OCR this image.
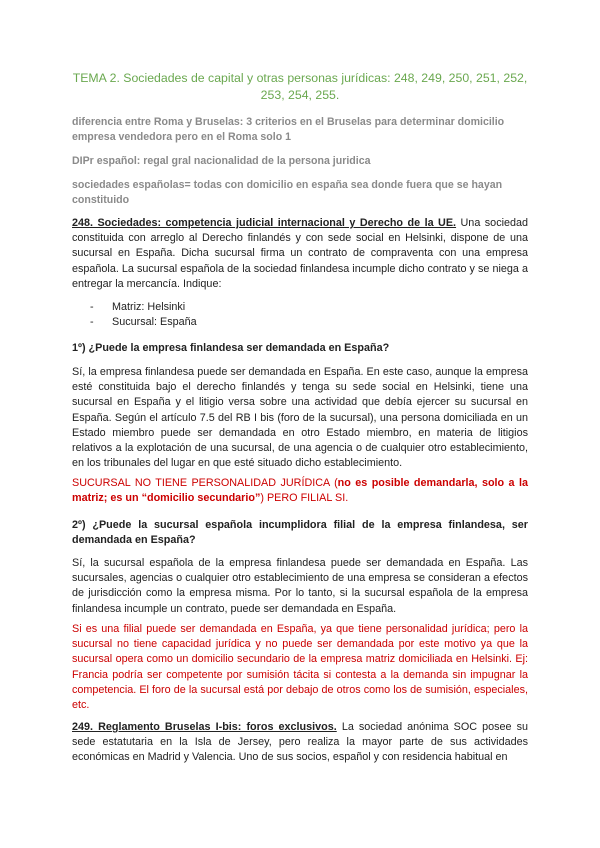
TEMA 2. Sociedades de capital y otras personas jurídicas: 248, 249, 250, 251, 252, 253, 254, 255.
diferencia entre Roma y Bruselas: 3 criterios en el Bruselas para determinar domicilio empresa vendedora pero en el Roma solo 1
DIPr español: regal gral nacionalidad de la persona juridica
sociedades españolas= todas con domicilio en españa sea donde fuera que se hayan constituido
248. Sociedades: competencia judicial internacional y Derecho de la UE. Una sociedad constituida con arreglo al Derecho finlandés y con sede social en Helsinki, dispone de una sucursal en España. Dicha sucursal firma un contrato de compraventa con una empresa española. La sucursal española de la sociedad finlandesa incumple dicho contrato y se niega a entregar la mercancía. Indique:
- Matriz: Helsinki
- Sucursal: España
1º) ¿Puede la empresa finlandesa ser demandada en España?
Sí, la empresa finlandesa puede ser demandada en España. En este caso, aunque la empresa esté constituida bajo el derecho finlandés y tenga su sede social en Helsinki, tiene una sucursal en España y el litigio versa sobre una actividad que debía ejercer su sucursal en España. Según el artículo 7.5 del RB I bis (foro de la sucursal), una persona domiciliada en un Estado miembro puede ser demandada en otro Estado miembro, en materia de litigios relativos a la explotación de una sucursal, de una agencia o de cualquier otro establecimiento, en los tribunales del lugar en que esté situado dicho establecimiento.
SUCURSAL NO TIENE PERSONALIDAD JURÍDICA (no es posible demandarla, solo a la matriz; es un “domicilio secundario”) PERO FILIAL SI.
2º) ¿Puede la sucursal española incumplidora filial de la empresa finlandesa, ser demandada en España?
Sí, la sucursal española de la empresa finlandesa puede ser demandada en España. Las sucursales, agencias o cualquier otro establecimiento de una empresa se consideran a efectos de jurisdicción como la empresa misma. Por lo tanto, si la sucursal española de la empresa finlandesa incumple un contrato, puede ser demandada en España.
Si es una filial puede ser demandada en España, ya que tiene personalidad jurídica; pero la sucursal no tiene capacidad jurídica y no puede ser demandada por este motivo ya que la sucursal opera como un domicilio secundario de la empresa matriz domiciliada en Helsinki. Ej: Francia podría ser competente por sumisión tácita si contesta a la demanda sin impugnar la competencia. El foro de la sucursal está por debajo de otros como los de sumisión, especiales, etc.
249. Reglamento Bruselas I-bis: foros exclusivos. La sociedad anónima SOC posee su sede estatutaria en la Isla de Jersey, pero realiza la mayor parte de sus actividades económicas en Madrid y Valencia. Uno de sus socios, español y con residencia habitual en
